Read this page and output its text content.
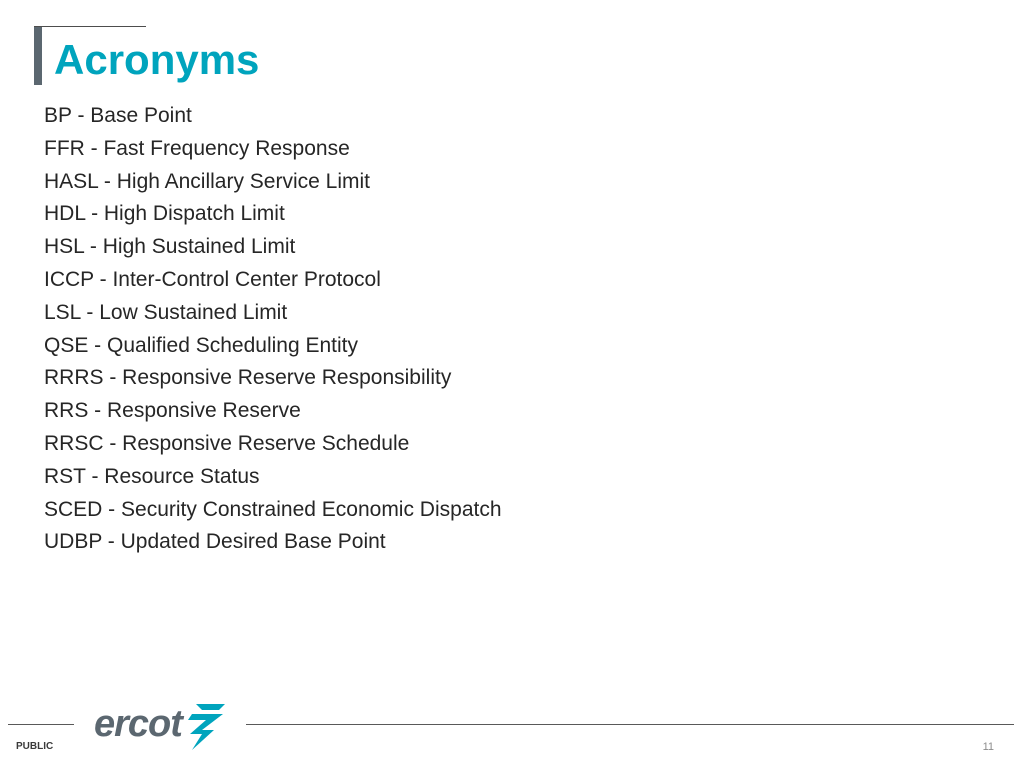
Acronyms
BP - Base Point
FFR - Fast Frequency Response
HASL - High Ancillary Service Limit
HDL - High Dispatch Limit
HSL - High Sustained Limit
ICCP - Inter-Control Center Protocol
LSL - Low Sustained Limit
QSE - Qualified Scheduling Entity
RRRS - Responsive Reserve Responsibility
RRS - Responsive Reserve
RRSC - Responsive Reserve Schedule
RST - Resource Status
SCED - Security Constrained Economic Dispatch
UDBP - Updated Desired Base Point
ercot
PUBLIC	11
